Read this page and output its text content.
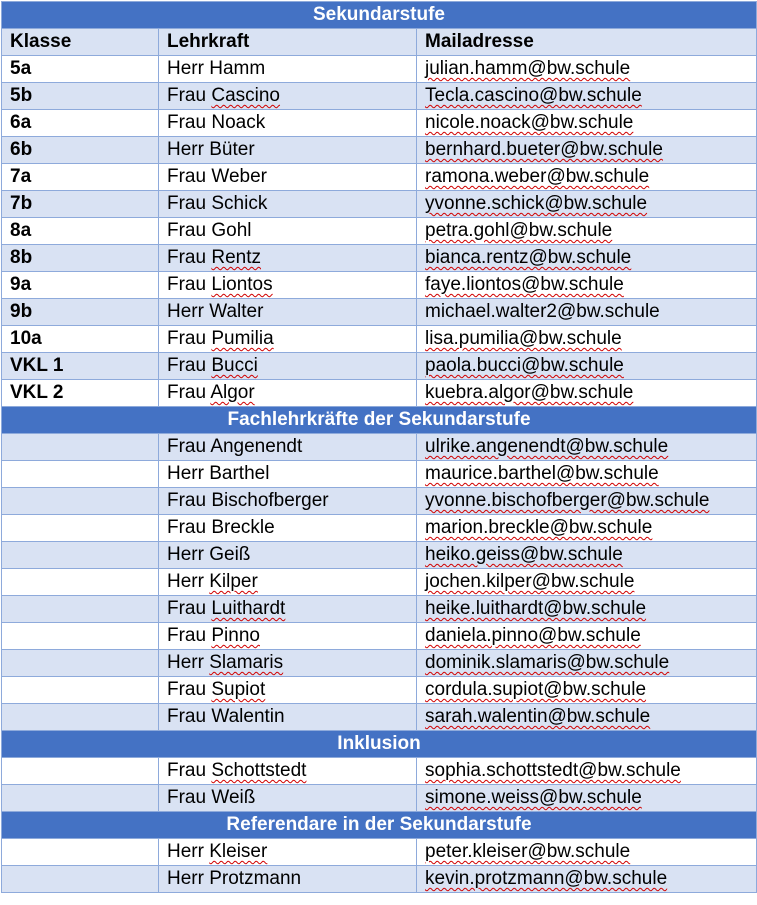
Sekundarstufe		
Klasse	Lehrkraft	Mailadresse
5a	Herr Hamm	julian.hamm@bw.schule
5b	Frau Cascino	Tecla.cascino@bw.schule
6a	Frau Noack	nicole.noack@bw.schule
6b	Herr Büter	bernhard.bueter@bw.schule
7a	Frau Weber	ramona.weber@bw.schule
7b	Frau Schick	yvonne.schick@bw.schule
8a	Frau Gohl	petra.gohl@bw.schule
8b	Frau Rentz	bianca.rentz@bw.schule
9a	Frau Liontos	faye.liontos@bw.schule
9b	Herr Walter	michael.walter2@bw.schule
10a	Frau Pumilia	lisa.pumilia@bw.schule
VKL 1	Frau Bucci	paola.bucci@bw.schule
VKL 2	Frau Algor	kuebra.algor@bw.schule
Fachlehrkräfte der Sekundarstufe		
	Frau Angenendt	ulrike.angenendt@bw.schule
	Herr Barthel	maurice.barthel@bw.schule
	Frau Bischofberger	yvonne.bischofberger@bw.schule
	Frau Breckle	marion.breckle@bw.schule
	Herr Geiß	heiko.geiss@bw.schule
	Herr Kilper	jochen.kilper@bw.schule
	Frau Luithardt	heike.luithardt@bw.schule
	Frau Pinno	daniela.pinno@bw.schule
	Herr Slamaris	dominik.slamaris@bw.schule
	Frau Supiot	cordula.supiot@bw.schule
	Frau Walentin	sarah.walentin@bw.schule
Inklusion		
	Frau Schottstedt	sophia.schottstedt@bw.schule
	Frau Weiß	simone.weiss@bw.schule
Referendare in der Sekundarstufe		
	Herr Kleiser	peter.kleiser@bw.schule
	Herr Protzmann	kevin.protzmann@bw.schule
